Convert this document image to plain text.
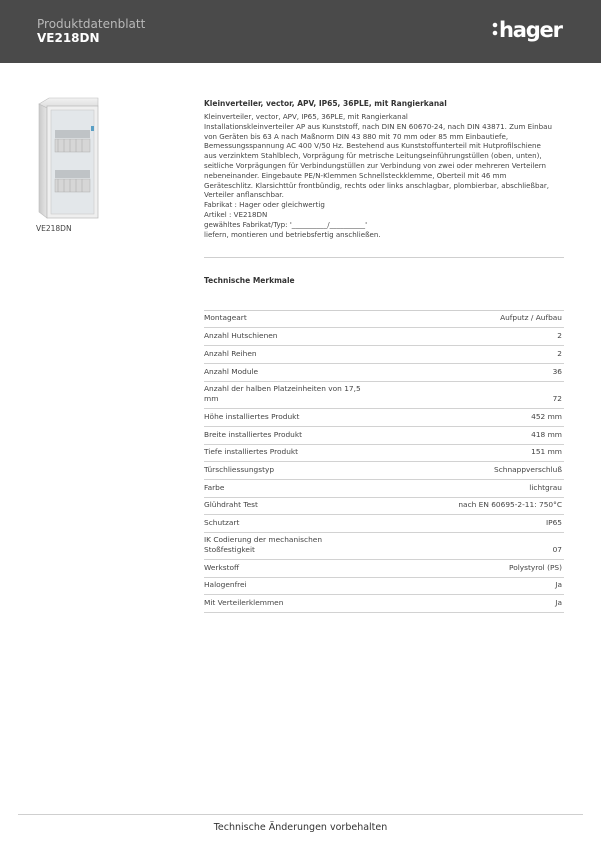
Produktdatenblatt
VE218DN	hager
VE218DN
Kleinverteiler, vector, APV, IP65, 36PLE, mit Rangierkanal
Kleinverteiler, vector, APV, IP65, 36PLE, mit Rangierkanal
Installationskleinverteiler AP aus Kunststoff, nach DIN EN 60670-24, nach DIN 43871. Zum Einbau
von Geräten bis 63 A nach Maßnorm DIN 43 880 mit 70 mm oder 85 mm Einbautiefe,
Bemessungsspannung AC 400 V/50 Hz. Bestehend aus Kunststoffunterteil mit Hutprofilschiene
aus verzinktem Stahlblech, Vorprägung für metrische Leitungseinführungstüllen (oben, unten),
seitliche Vorprägungen für Verbindungstüllen zur Verbindung von zwei oder mehreren Verteilern
nebeneinander. Eingebaute PE/N-Klemmen Schnellsteckklemme, Oberteil mit 46 mm
Geräteschlitz. Klarsichttür frontbündig, rechts oder links anschlagbar, plombierbar, abschließbar,
Verteiler anflanschbar.
Fabrikat : Hager oder gleichwertig
Artikel : VE218DN
gewähltes Fabrikat/Typ: '__________/__________'
liefern, montieren und betriebsfertig anschließen.
Technische Merkmale
Montageart	Aufputz / Aufbau
Anzahl Hutschienen	2
Anzahl Reihen	2
Anzahl Module	36
Anzahl der halben Platzeinheiten von 17,5 mm	72
Höhe installiertes Produkt	452 mm
Breite installiertes Produkt	418 mm
Tiefe installiertes Produkt	151 mm
Türschliessungstyp	Schnappverschluß
Farbe	lichtgrau
Glühdraht Test	nach EN 60695-2-11: 750°C
Schutzart	IP65
IK Codierung der mechanischen Stoßfestigkeit	07
Werkstoff	Polystyrol (PS)
Halogenfrei	Ja
Mit Verteilerklemmen	Ja
Technische Änderungen vorbehalten
